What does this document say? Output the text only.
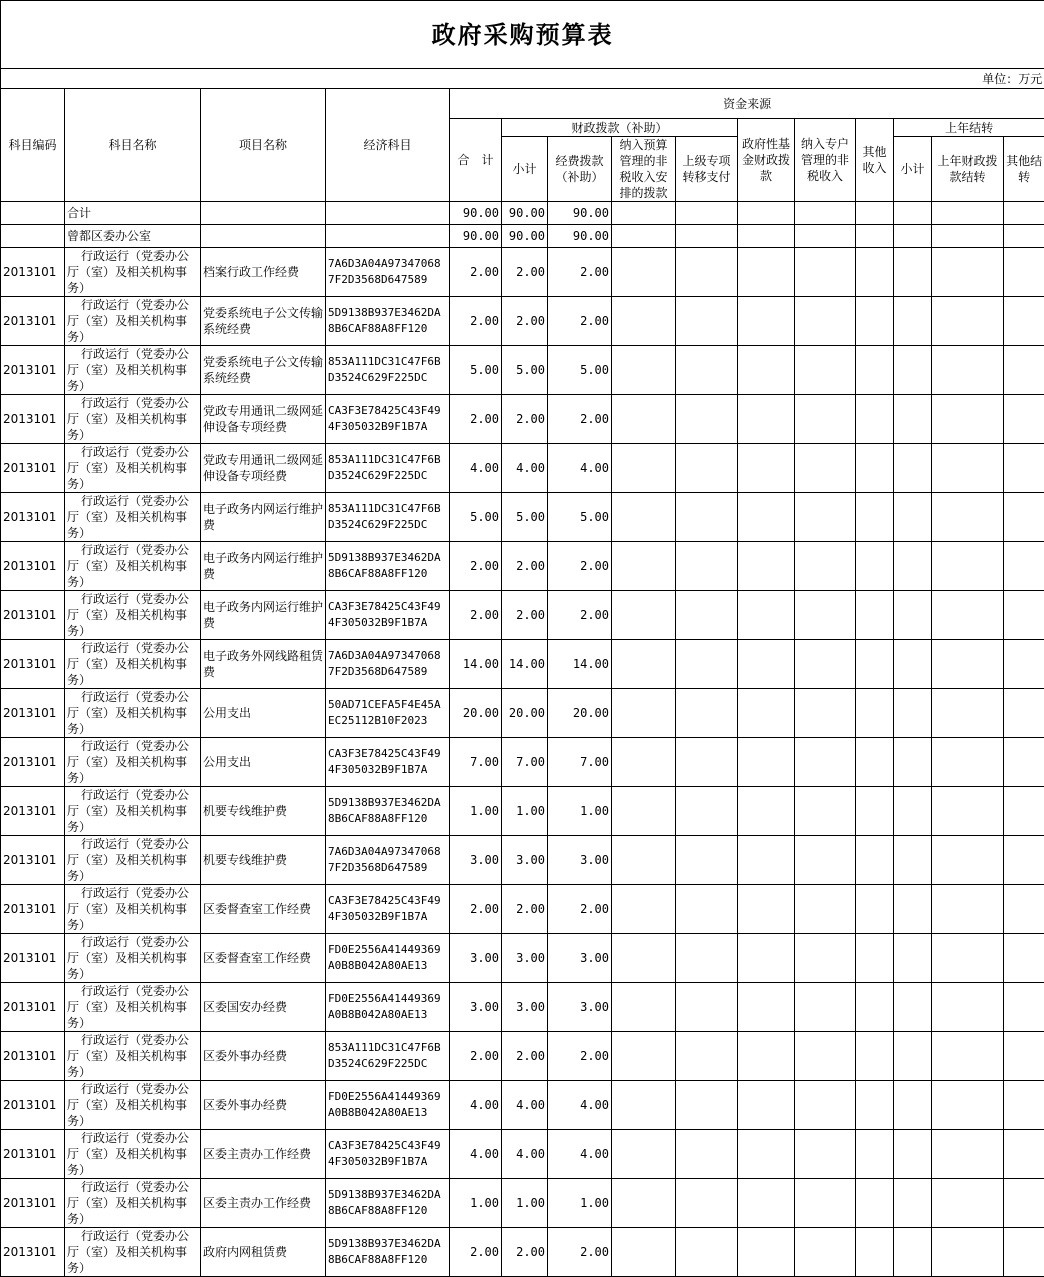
政府采购预算表														
单位：万元														
科目编码	科目名称	项目名称	经济科目	资金来源										
				合　计	财政拨款（补助）				政府性基金财政拨款	纳入专户管理的非税收入	其他收入	上年结转		
					小计	经费拨款（补助）	纳入预算管理的非税收入安排的拨款	上级专项转移支付				小计	上年财政拨款结转	其他结转
	合计			90.00	90.00	90.00								
	曾都区委办公室			90.00	90.00	90.00								
2013101	行政运行（党委办公厅（室）及相关机构事务）	档案行政工作经费	7A6D3A04A973470687F2D3568D647589	2.00	2.00	2.00								
2013101	行政运行（党委办公厅（室）及相关机构事务）	党委系统电子公文传输系统经费	5D9138B937E3462DA8B6CAF88A8FF120	2.00	2.00	2.00								
2013101	行政运行（党委办公厅（室）及相关机构事务）	党委系统电子公文传输系统经费	853A111DC31C47F6BD3524C629F225DC	5.00	5.00	5.00								
2013101	行政运行（党委办公厅（室）及相关机构事务）	党政专用通讯二级网延伸设备专项经费	CA3F3E78425C43F494F305032B9F1B7A	2.00	2.00	2.00								
2013101	行政运行（党委办公厅（室）及相关机构事务）	党政专用通讯二级网延伸设备专项经费	853A111DC31C47F6BD3524C629F225DC	4.00	4.00	4.00								
2013101	行政运行（党委办公厅（室）及相关机构事务）	电子政务内网运行维护费	853A111DC31C47F6BD3524C629F225DC	5.00	5.00	5.00								
2013101	行政运行（党委办公厅（室）及相关机构事务）	电子政务内网运行维护费	5D9138B937E3462DA8B6CAF88A8FF120	2.00	2.00	2.00								
2013101	行政运行（党委办公厅（室）及相关机构事务）	电子政务内网运行维护费	CA3F3E78425C43F494F305032B9F1B7A	2.00	2.00	2.00								
2013101	行政运行（党委办公厅（室）及相关机构事务）	电子政务外网线路租赁费	7A6D3A04A973470687F2D3568D647589	14.00	14.00	14.00								
2013101	行政运行（党委办公厅（室）及相关机构事务）	公用支出	50AD71CEFA5F4E45AEC25112B10F2023	20.00	20.00	20.00								
2013101	行政运行（党委办公厅（室）及相关机构事务）	公用支出	CA3F3E78425C43F494F305032B9F1B7A	7.00	7.00	7.00								
2013101	行政运行（党委办公厅（室）及相关机构事务）	机要专线维护费	5D9138B937E3462DA8B6CAF88A8FF120	1.00	1.00	1.00								
2013101	行政运行（党委办公厅（室）及相关机构事务）	机要专线维护费	7A6D3A04A973470687F2D3568D647589	3.00	3.00	3.00								
2013101	行政运行（党委办公厅（室）及相关机构事务）	区委督查室工作经费	CA3F3E78425C43F494F305032B9F1B7A	2.00	2.00	2.00								
2013101	行政运行（党委办公厅（室）及相关机构事务）	区委督查室工作经费	FD0E2556A41449369A0B8B042A80AE13	3.00	3.00	3.00								
2013101	行政运行（党委办公厅（室）及相关机构事务）	区委国安办经费	FD0E2556A41449369A0B8B042A80AE13	3.00	3.00	3.00								
2013101	行政运行（党委办公厅（室）及相关机构事务）	区委外事办经费	853A111DC31C47F6BD3524C629F225DC	2.00	2.00	2.00								
2013101	行政运行（党委办公厅（室）及相关机构事务）	区委外事办经费	FD0E2556A41449369A0B8B042A80AE13	4.00	4.00	4.00								
2013101	行政运行（党委办公厅（室）及相关机构事务）	区委主责办工作经费	CA3F3E78425C43F494F305032B9F1B7A	4.00	4.00	4.00								
2013101	行政运行（党委办公厅（室）及相关机构事务）	区委主责办工作经费	5D9138B937E3462DA8B6CAF88A8FF120	1.00	1.00	1.00								
2013101	行政运行（党委办公厅（室）及相关机构事务）	政府内网租赁费	5D9138B937E3462DA8B6CAF88A8FF120	2.00	2.00	2.00								
